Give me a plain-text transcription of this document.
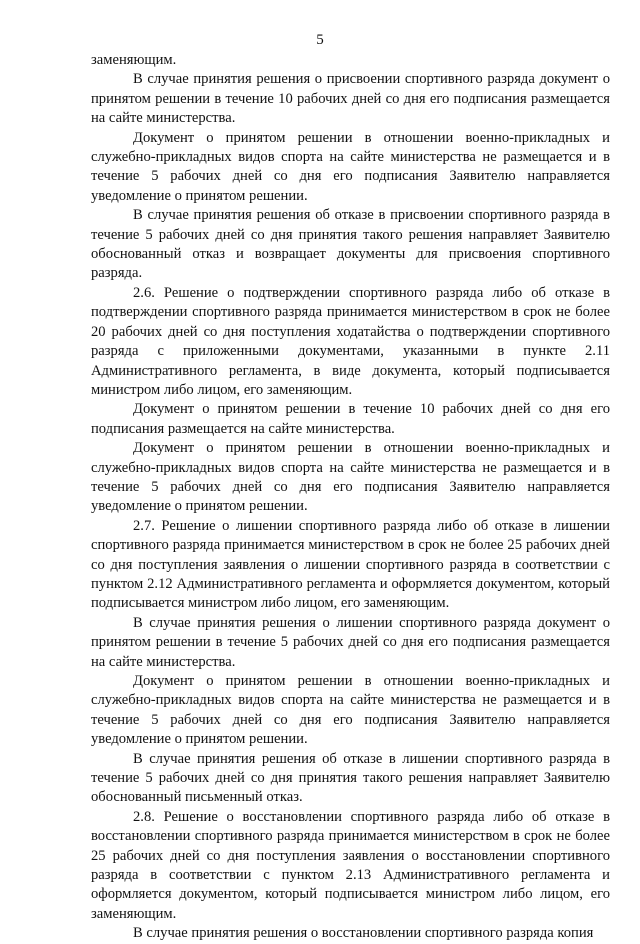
5

заменяющим.

В случае принятия решения о присвоении спортивного разряда документ о принятом решении в течение 10 рабочих дней со дня его подписания размещается на сайте министерства.

Документ о принятом решении в отношении военно-прикладных и служебно-прикладных видов спорта на сайте министерства не размещается и в течение 5 рабочих дней со дня его подписания Заявителю направляется уведомление о принятом решении.

В случае принятия решения об отказе в присвоении спортивного разряда в течение 5 рабочих дней со дня принятия такого решения направляет Заявителю обоснованный отказ и возвращает документы для присвоения спортивного разряда.

2.6. Решение о подтверждении спортивного разряда либо об отказе в подтверждении спортивного разряда принимается министерством в срок не более 20 рабочих дней со дня поступления ходатайства о подтверждении спортивного разряда с приложенными документами, указанными в пункте 2.11 Административного регламента, в виде документа, который подписывается министром либо лицом, его заменяющим.

Документ о принятом решении в течение 10 рабочих дней со дня его подписания размещается на сайте министерства.

Документ о принятом решении в отношении военно-прикладных и служебно-прикладных видов спорта на сайте министерства не размещается и в течение 5 рабочих дней со дня его подписания Заявителю направляется уведомление о принятом решении.

2.7. Решение о лишении спортивного разряда либо об отказе в лишении спортивного разряда принимается министерством в срок не более 25 рабочих дней со дня поступления заявления о лишении спортивного разряда в соответствии с пунктом 2.12 Административного регламента и оформляется документом, который подписывается министром либо лицом, его заменяющим.

В случае принятия решения о лишении спортивного разряда документ о принятом решении в течение 5 рабочих дней со дня его подписания размещается на сайте министерства.

Документ о принятом решении в отношении военно-прикладных и служебно-прикладных видов спорта на сайте министерства не размещается и в течение 5 рабочих дней со дня его подписания Заявителю направляется уведомление о принятом решении.

В случае принятия решения об отказе в лишении спортивного разряда в течение 5 рабочих дней со дня принятия такого решения направляет Заявителю обоснованный письменный отказ.

2.8. Решение о восстановлении спортивного разряда либо об отказе в восстановлении спортивного разряда принимается министерством в срок не более 25 рабочих дней со дня поступления заявления о восстановлении спортивного разряда в соответствии с пунктом 2.13 Административного регламента и оформляется документом, который подписывается министром либо лицом, его заменяющим.

В случае принятия решения о восстановлении спортивного разряда копия
